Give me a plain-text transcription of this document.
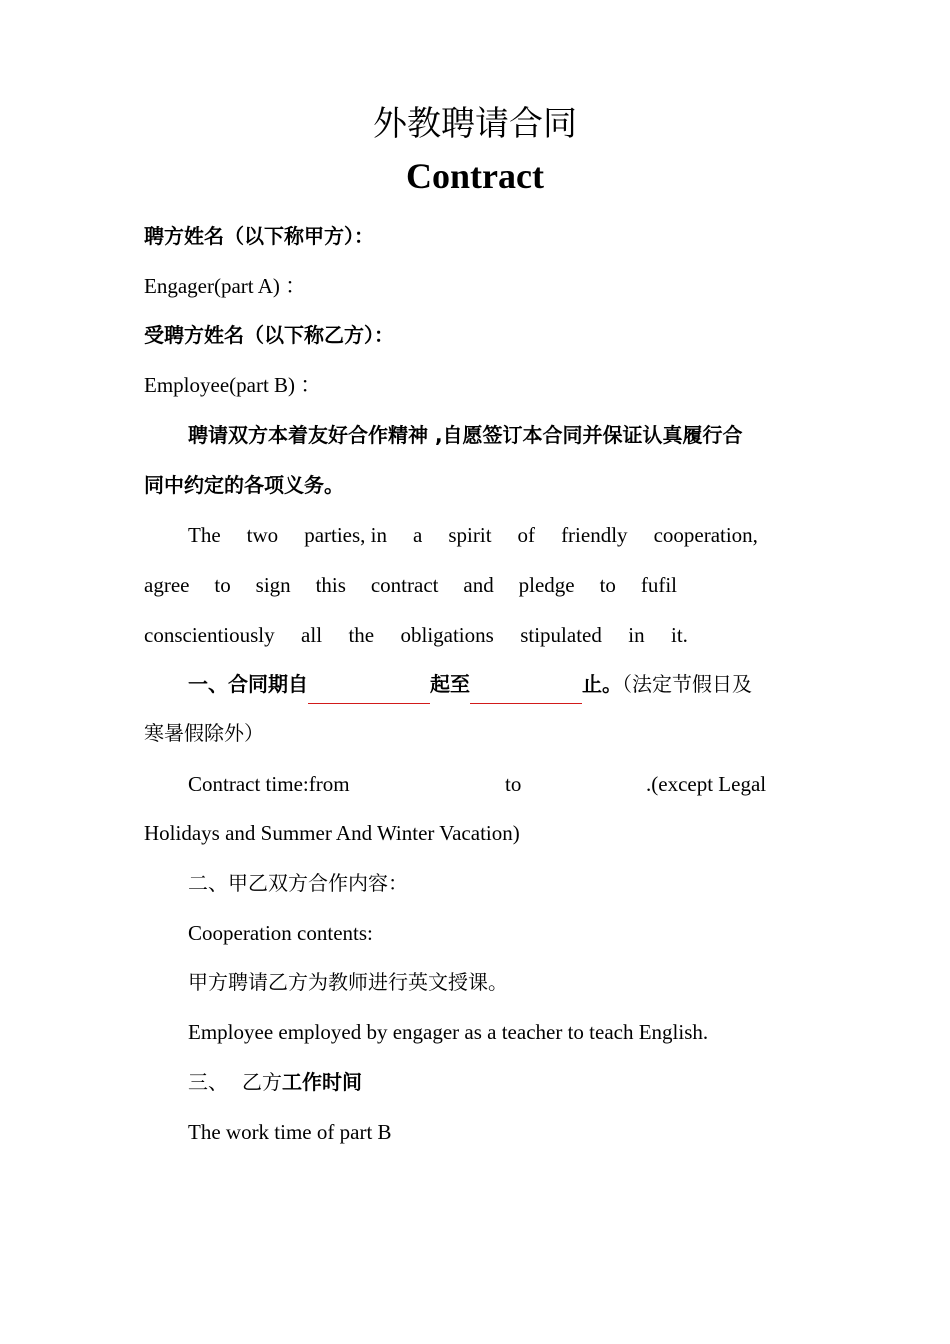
外教聘请合同
Contract
聘方姓名（以下称甲方）：
Engager(part A) ：
受聘方姓名（以下称乙方）：
Employee(part B) ：
聘请双方本着友好合作精神 ,自愿签订本合同并保证认真履行合
同中约定的各项义务。
The two parties, in a spirit of friendly cooperation,
agree to sign this contract and pledge to fufil
conscientiously all the obligations stipulated in it.
一、合同期自	起至	止。（法定节假日及
寒暑假除外）
Contract time:from	to	.(except Legal
Holidays and Summer And Winter Vacation)
二、甲乙双方合作内容：
Cooperation contents:
甲方聘请乙方为教师进行英文授课。
Employee employed by engager as a teacher to teach English.
三、 乙方工作时间
The work time of part B
